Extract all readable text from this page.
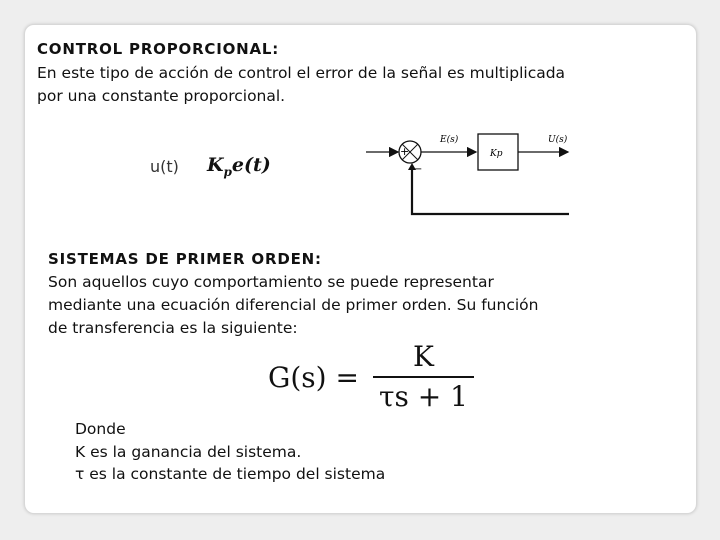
CONTROL PROPORCIONAL:
En este tipo de acción de control el error de la señal es multiplicada
por una constante proporcional.
u(t) $K_pe(t)$
+
−
E(s)
Kp
U(s)
SISTEMAS DE PRIMER ORDEN:
Son aquellos cuyo comportamiento se puede representar
mediante una ecuación diferencial de primer orden. Su función
de transferencia es la siguiente:
$G(s) = \frac{K}{\tau s + 1}$
Donde
K es la ganancia del sistema.
τ es la constante de tiempo del sistema
